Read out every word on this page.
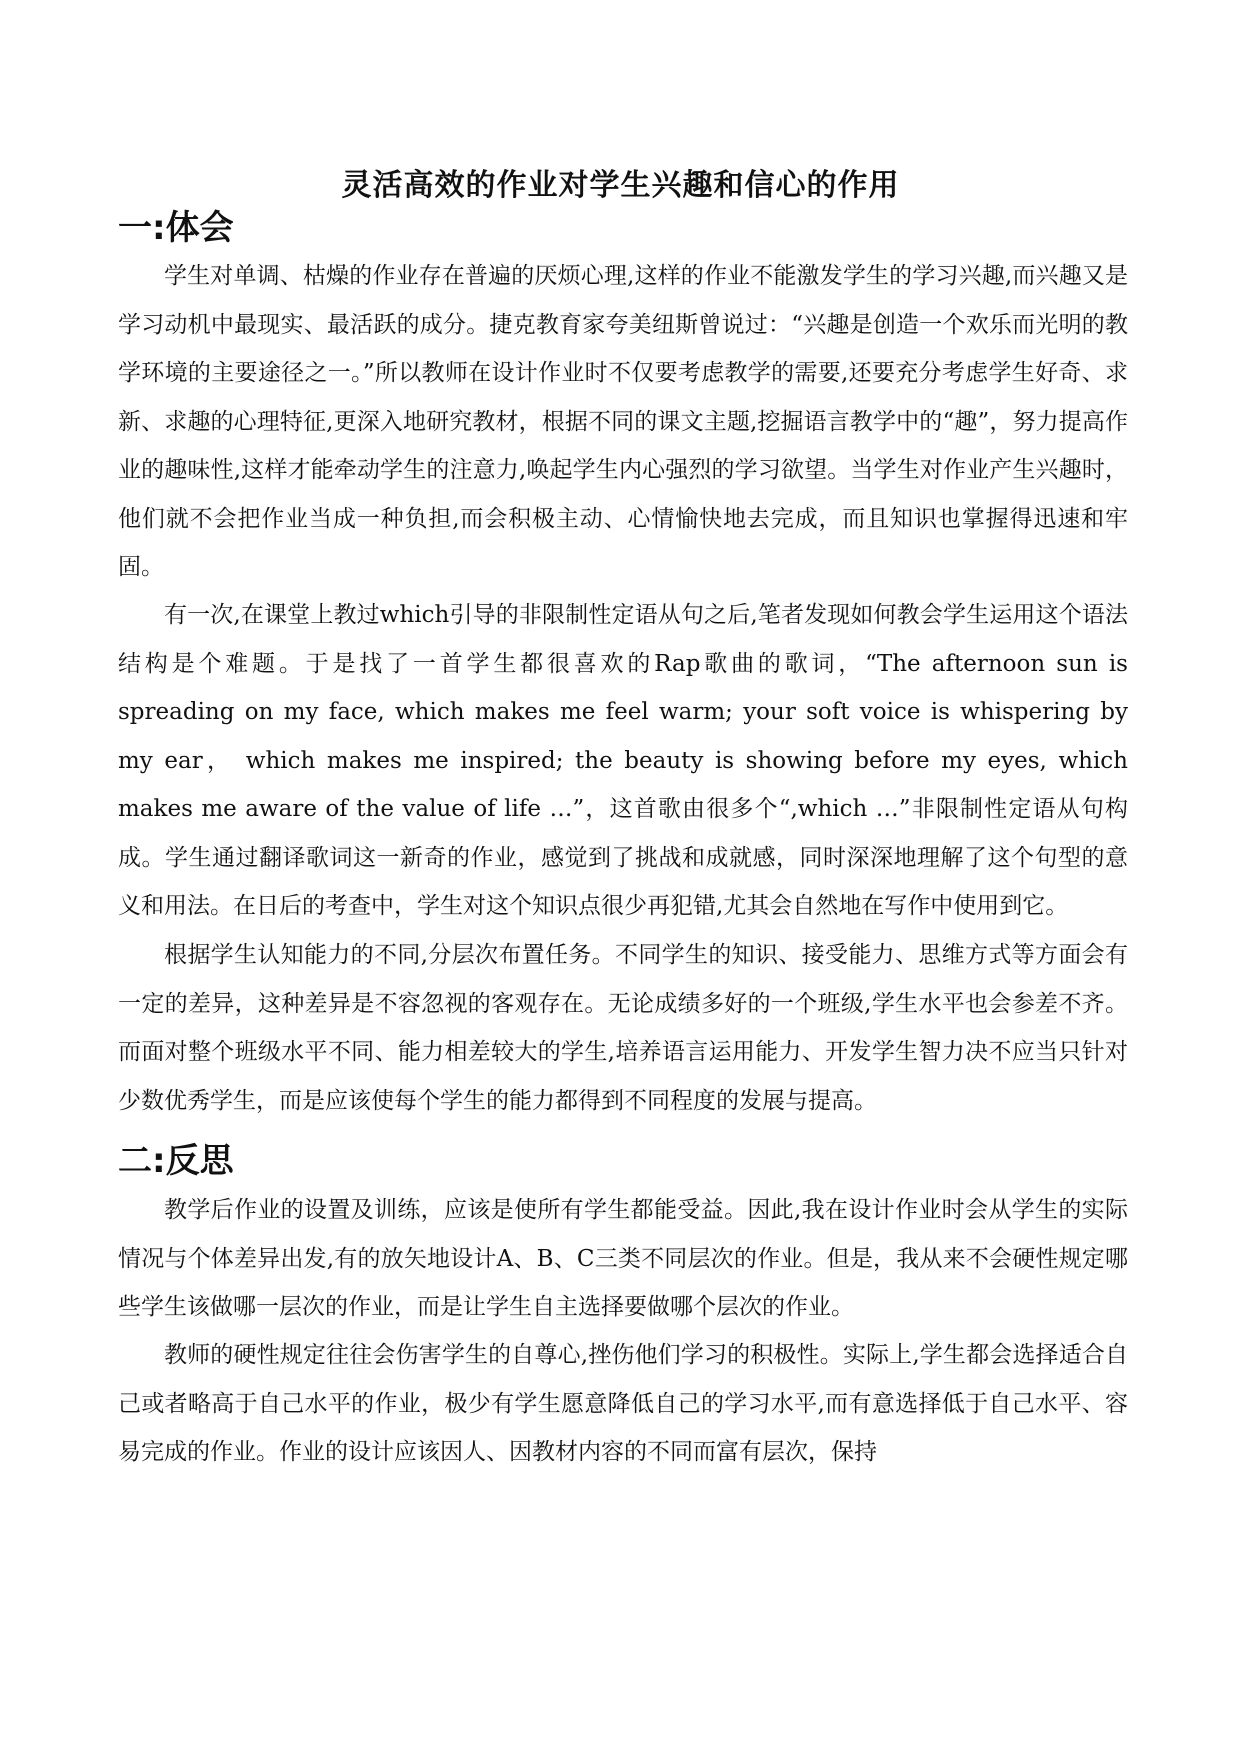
灵活高效的作业对学生兴趣和信心的作用
一:体会

学生对单调、枯燥的作业存在普遍的厌烦心理,这样的作业不能激发学生的学习兴趣,而兴趣又是学习动机中最现实、最活跃的成分。捷克教育家夸美纽斯曾说过：“兴趣是创造一个欢乐而光明的教学环境的主要途径之一。”所以教师在设计作业时不仅要考虑教学的需要,还要充分考虑学生好奇、求新、求趣的心理特征,更深入地研究教材，根据不同的课文主题,挖掘语言教学中的“趣”，努力提高作业的趣味性,这样才能牵动学生的注意力,唤起学生内心强烈的学习欲望。当学生对作业产生兴趣时，他们就不会把作业当成一种负担,而会积极主动、心情愉快地去完成，而且知识也掌握得迅速和牢固。

有一次,在课堂上教过which引导的非限制性定语从句之后,笔者发现如何教会学生运用这个语法结构是个难题。于是找了一首学生都很喜欢的Rap歌曲的歌词，“The afternoon sun is spreading on my face, which makes me feel warm; your soft voice is whispering by my ear， which makes me inspired; the beauty is showing before my eyes, which makes me aware of the value of life …”，这首歌由很多个“,which …”非限制性定语从句构成。学生通过翻译歌词这一新奇的作业，感觉到了挑战和成就感，同时深深地理解了这个句型的意义和用法。在日后的考查中，学生对这个知识点很少再犯错,尤其会自然地在写作中使用到它。

根据学生认知能力的不同,分层次布置任务。不同学生的知识、接受能力、思维方式等方面会有一定的差异，这种差异是不容忽视的客观存在。无论成绩多好的一个班级,学生水平也会参差不齐。而面对整个班级水平不同、能力相差较大的学生,培养语言运用能力、开发学生智力决不应当只针对少数优秀学生，而是应该使每个学生的能力都得到不同程度的发展与提高。

二:反思

教学后作业的设置及训练，应该是使所有学生都能受益。因此,我在设计作业时会从学生的实际情况与个体差异出发,有的放矢地设计A、B、C三类不同层次的作业。但是，我从来不会硬性规定哪些学生该做哪一层次的作业，而是让学生自主选择要做哪个层次的作业。

教师的硬性规定往往会伤害学生的自尊心,挫伤他们学习的积极性。实际上,学生都会选择适合自己或者略高于自己水平的作业，极少有学生愿意降低自己的学习水平,而有意选择低于自己水平、容易完成的作业。作业的设计应该因人、因教材内容的不同而富有层次，保持
